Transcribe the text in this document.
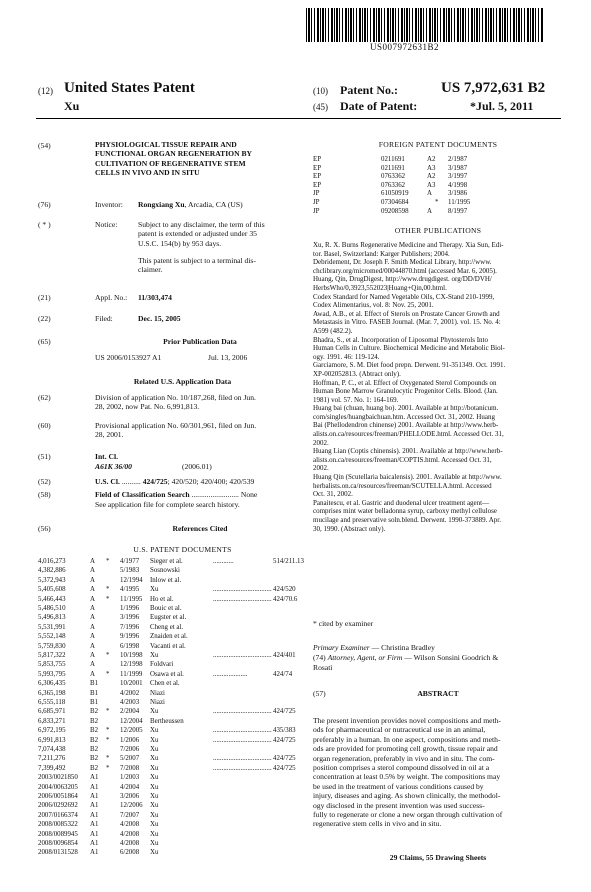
US007972631B2
(12) United States Patent
Xu
(10) Patent No.:	US 7,972,631 B2
(45) Date of Patent:	*Jul. 5, 2011
(54)	PHYSIOLOGICAL TISSUE REPAIR AND
FUNCTIONAL ORGAN REGENERATION BY
CULTIVATION OF REGENERATIVE STEM
CELLS IN VIVO AND IN SITU
(76)	Inventor: Rongxiang Xu, Arcadia, CA (US)
( * )	Notice:	Subject to any disclaimer, the term of this
patent is extended or adjusted under 35
U.S.C. 154(b) by 953 days.
This patent is subject to a terminal dis-
claimer.
(21)	Appl. No.: 11/303,474
(22)	Filed:	Dec. 15, 2005
(65)	Prior Publication Data
US 2006/0153927 A1	Jul. 13, 2006
Related U.S. Application Data
(62)	Division of application No. 10/187,268, filed on Jun.
28, 2002, now Pat. No. 6,991,813.
(60)	Provisional application No. 60/301,961, filed on Jun.
28, 2001.
(51)	Int. Cl.
A61K 36/00	(2006.01)
(52)	U.S. Cl. .......... 424/725; 420/520; 420/400; 420/539
(58)	Field of Classification Search ......................... None
See application file for complete search history.
(56)	References Cited
U.S. PATENT DOCUMENTS
4,016,273	A * 4/1977 Sieger et al.	............	514/211.13
4,382,886	A	5/1983 Sosnowski
5,372,943	A	12/1994 Inlow et al.
5,405,608	A * 4/1995 Xu	.................................. 424/520
5,466,443	A * 11/1995 Ho et al.	.................................. 424/70.6
5,486,510	A	1/1996 Bouic et al.
5,496,813	A	3/1996 Eugster et al.
5,531,991	A	7/1996 Cheng et al.
5,552,148	A	9/1996 Znaiden et al.
5,759,830	A	6/1998 Vacanti et al.
5,817,322	A * 10/1998 Xu	.................................. 424/401
5,853,755	A	12/1998 Foldvari
5,993,795	A * 11/1999 Osawa et al.	....................	424/74
6,306,435	B1	10/2001 Chen et al.
6,365,198	B1	4/2002 Niazi
6,555,118	B1	4/2003 Niazi
6,685,971	B2 * 2/2004 Xu	.................................. 424/725
6,833,271	B2	12/2004 Bertheussen
6,972,195	B2 * 12/2005 Xu	.................................. 435/383
6,991,813	B2 * 1/2006 Xu	.................................. 424/725
7,074,438	B2	7/2006 Xu
7,211,276	B2 * 5/2007 Xu	.................................. 424/725
7,399,492	B2 * 7/2008 Xu	.................................. 424/725
2003/0021850 A1	1/2003 Xu
2004/0063205 A1	4/2004 Xu
2006/0051864 A1	3/2006 Xu
2006/0292692 A1	12/2006 Xu
2007/0166374 A1	7/2007 Xu
2008/0085322 A1	4/2008 Xu
2008/0089945 A1	4/2008 Xu
2008/0096854 A1	4/2008 Xu
2008/0131528 A1	6/2008 Xu
FOREIGN PATENT DOCUMENTS
EP	0211691	A2 2/1987
EP	0211691	A3 3/1987
EP	0763362	A2 3/1997
EP	0763362	A3 4/1998
JP	61050919	A 3/1986
JP	07304684	* 11/1995
JP	09208598	A 8/1997
OTHER PUBLICATIONS
Xu, R. X. Burns Regenerative Medicine and Therapy. Xia Sun, Edi-
tor. Basel, Switzerland: Karger Publishers; 2004.
Debridement, Dr. Joseph F. Smith Medical Library, http://www.
chclibrary.org/micromed/00044870.html (accessed Mar. 6, 2005).
Huang, Qin, DrugDigest, http://www.drugdigest. org/DD/DVH/
HerbsWho/0,3923,552023|Huang+Qin,00.html.
Codex Standard for Named Vegetable Oils, CX-Stand 210-1999,
Codex Alimentarius, vol. 8: Nov. 25, 2001.
Awad, A.B., et al. Effect of Sterols on Prostate Cancer Growth and
Metastasis in Vitro. FASEB Journal. (Mar. 7, 2001). vol. 15. No. 4:
A599 (482.2).
Bhadra, S., et al. Incorporation of Liposomal Phytosterols Into
Human Cells in Culture. Biochemical Medicine and Metabolic Biol-
ogy. 1991. 46: 119-124.
Garciamore, S. M. Diet food prepn. Derwent. 91-351349. Oct. 1991.
XP-002052813. (Abtract only).
Hoffman, P. C., et al. Effect of Oxygenated Sterol Compounds on
Human Bone Marrow Granulocytic Progenitor Cells. Blood. (Jan.
1981) vol. 57. No. 1: 164-169.
Huang bai (chuan, huang bo). 2001. Available at http://botanicum.
com/singles/huangbaichuan.htm. Accessed Oct. 31, 2002. Huang
Bai (Phellodendron chinense) 2001. Available at http://www.herb-
alists.on.ca/resources/freeman/PHELLODE.html. Accessed Oct. 31,
2002.
Huang Lian (Coptis chinensis). 2001. Available at http://www.herb-
alists.on.ca/resources/freeman/COPTIS.html. Accessed Oct. 31,
2002.
Huang Qin (Scutellaria baicalensis). 2001. Available at http://www.
herbalists.on.ca/resources/freeman/SCUTELLA.html. Accessed
Oct. 31, 2002.
Panaitescu, et al. Gastric and duodenal ulcer treatment agent—
comprises mint water belladonna syrup, carboxy methyl cellulose
mucilage and preservative soln.blend. Derwent. 1990-373889. Apr.
30, 1990. (Abstract only).
* cited by examiner
Primary Examiner — Christina Bradley
(74) Attorney, Agent, or Firm — Wilson Sonsini Goodrich &
Rosati
(57)	ABSTRACT
The present invention provides novel compositions and meth-
ods for pharmaceutical or nutraceutical use in an animal,
preferably in a human. In one aspect, compositions and meth-
ods are provided for promoting cell growth, tissue repair and
organ regeneration, preferably in vivo and in situ. The com-
position comprises a sterol compound dissolved in oil at a
concentration at least 0.5% by weight. The compositions may
be used in the treatment of various conditions caused by
injury, diseases and aging. As shown clinically, the methodol-
ogy disclosed in the present invention was used success-
fully to regenerate or clone a new organ through cultivation of
regenerative stem cells in vivo and in situ.
29 Claims, 55 Drawing Sheets
